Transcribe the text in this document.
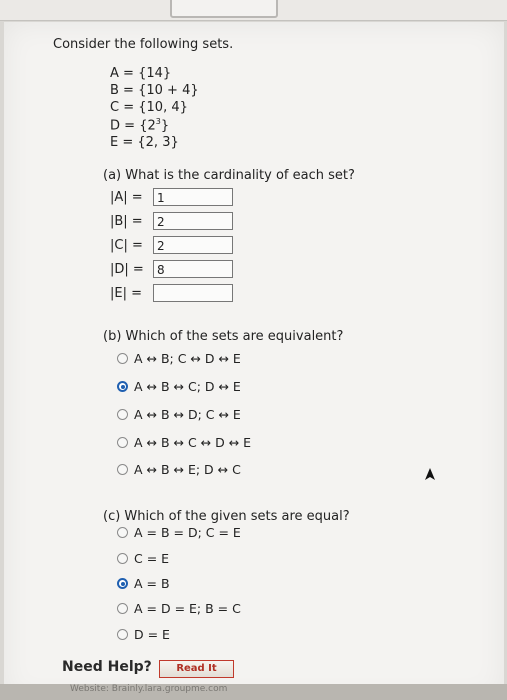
Consider the following sets.
A = {14}
B = {10 + 4}
C = {10, 4}
$D = \{2^3\}$
E = {2, 3}
(a) What is the cardinality of each set?
|A| =	1
|B| =	2
|C| =	2
|D| =	8
|E| =
(b) Which of the sets are equivalent?
A ↔ B; C ↔ D ↔ E
A ↔ B ↔ C; D ↔ E
A ↔ B ↔ D; C ↔ E
A ↔ B ↔ C ↔ D ↔ E
A ↔ B ↔ E; D ↔ C
(c) Which of the given sets are equal?
A = B = D; C = E
C = E
A = B
A = D = E; B = C
D = E
Need Help?	Read It
Website: Brainly.lara.groupme.com
